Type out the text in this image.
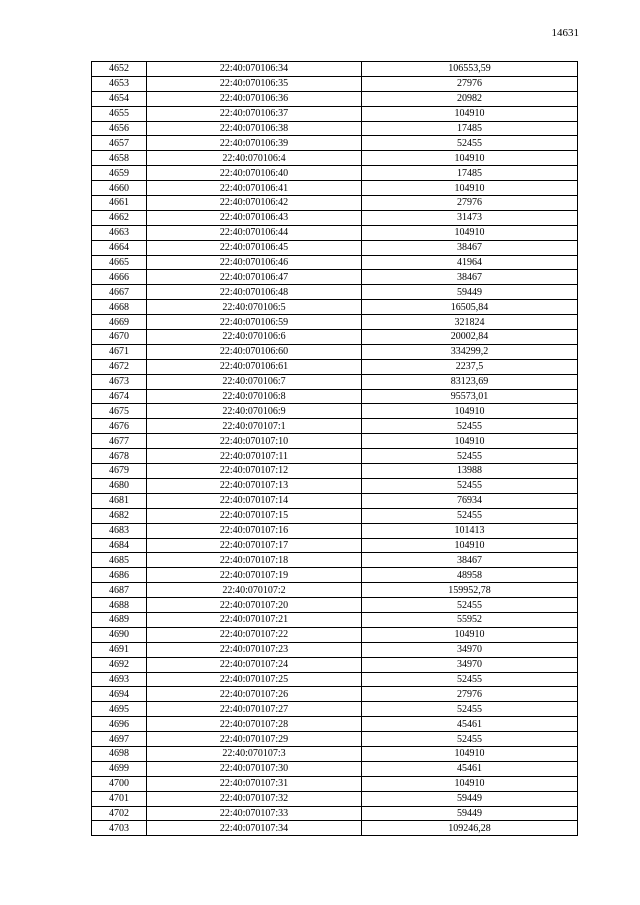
14631
4652	22:40:070106:34	106553,59
4653	22:40:070106:35	27976
4654	22:40:070106:36	20982
4655	22:40:070106:37	104910
4656	22:40:070106:38	17485
4657	22:40:070106:39	52455
4658	22:40:070106:4	104910
4659	22:40:070106:40	17485
4660	22:40:070106:41	104910
4661	22:40:070106:42	27976
4662	22:40:070106:43	31473
4663	22:40:070106:44	104910
4664	22:40:070106:45	38467
4665	22:40:070106:46	41964
4666	22:40:070106:47	38467
4667	22:40:070106:48	59449
4668	22:40:070106:5	16505,84
4669	22:40:070106:59	321824
4670	22:40:070106:6	20002,84
4671	22:40:070106:60	334299,2
4672	22:40:070106:61	2237,5
4673	22:40:070106:7	83123,69
4674	22:40:070106:8	95573,01
4675	22:40:070106:9	104910
4676	22:40:070107:1	52455
4677	22:40:070107:10	104910
4678	22:40:070107:11	52455
4679	22:40:070107:12	13988
4680	22:40:070107:13	52455
4681	22:40:070107:14	76934
4682	22:40:070107:15	52455
4683	22:40:070107:16	101413
4684	22:40:070107:17	104910
4685	22:40:070107:18	38467
4686	22:40:070107:19	48958
4687	22:40:070107:2	159952,78
4688	22:40:070107:20	52455
4689	22:40:070107:21	55952
4690	22:40:070107:22	104910
4691	22:40:070107:23	34970
4692	22:40:070107:24	34970
4693	22:40:070107:25	52455
4694	22:40:070107:26	27976
4695	22:40:070107:27	52455
4696	22:40:070107:28	45461
4697	22:40:070107:29	52455
4698	22:40:070107:3	104910
4699	22:40:070107:30	45461
4700	22:40:070107:31	104910
4701	22:40:070107:32	59449
4702	22:40:070107:33	59449
4703	22:40:070107:34	109246,28
